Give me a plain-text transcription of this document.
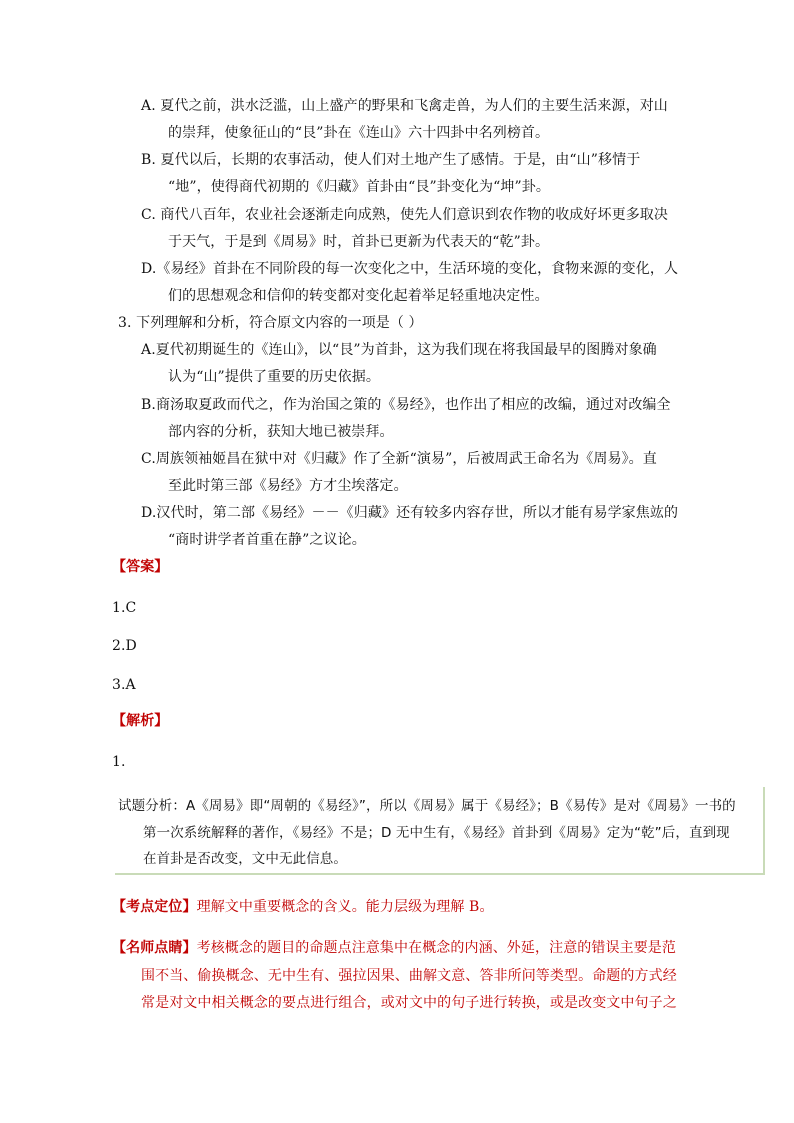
A. 夏代之前，洪水泛滥，山上盛产的野果和飞禽走兽，为人们的主要生活来源，对山
的崇拜，使象征山的“艮”卦在《连山》六十四卦中名列榜首。
B. 夏代以后，长期的农事活动，使人们对土地产生了感情。于是，由“山”移情于
“地”，使得商代初期的《归藏》首卦由“艮”卦变化为“坤”卦。
C. 商代八百年，农业社会逐渐走向成熟，使先人们意识到农作物的收成好坏更多取决
于天气，于是到《周易》时，首卦已更新为代表天的“乾”卦。
D.《易经》首卦在不同阶段的每一次变化之中，生活环境的变化，食物来源的变化，人
们的思想观念和信仰的转变都对变化起着举足轻重地决定性。
3. 下列理解和分析，符合原文内容的一项是（ ）
A.夏代初期诞生的《连山》，以“艮”为首卦，这为我们现在将我国最早的图腾对象确
认为“山”提供了重要的历史依据。
B.商汤取夏政而代之，作为治国之策的《易经》，也作出了相应的改编，通过对改编全
部内容的分析，获知大地已被崇拜。
C.周族领袖姬昌在狱中对《归藏》作了全新“演易”，后被周武王命名为《周易》。直
至此时第三部《易经》方才尘埃落定。
D.汉代时，第二部《易经》－－《归藏》还有较多内容存世，所以才能有易学家焦竑的
“商时讲学者首重在静”之议论。
【答案】
1.C
2.D
3.A
【解析】
1.
试题分析：A《周易》即“周朝的《易经》”，所以《周易》属于《易经》；B《易传》是对《周易》一书的
第一次系统解释的著作，《易经》不是；D 无中生有，《易经》首卦到《周易》定为“乾”后，直到现
在首卦是否改变，文中无此信息。
【考点定位】理解文中重要概念的含义。能力层级为理解 B。
【名师点睛】考核概念的题目的命题点注意集中在概念的内涵、外延，注意的错误主要是范
围不当、偷换概念、无中生有、强拉因果、曲解文意、答非所问等类型。命题的方式经
常是对文中相关概念的要点进行组合，或对文中的句子进行转换，或是改变文中句子之
